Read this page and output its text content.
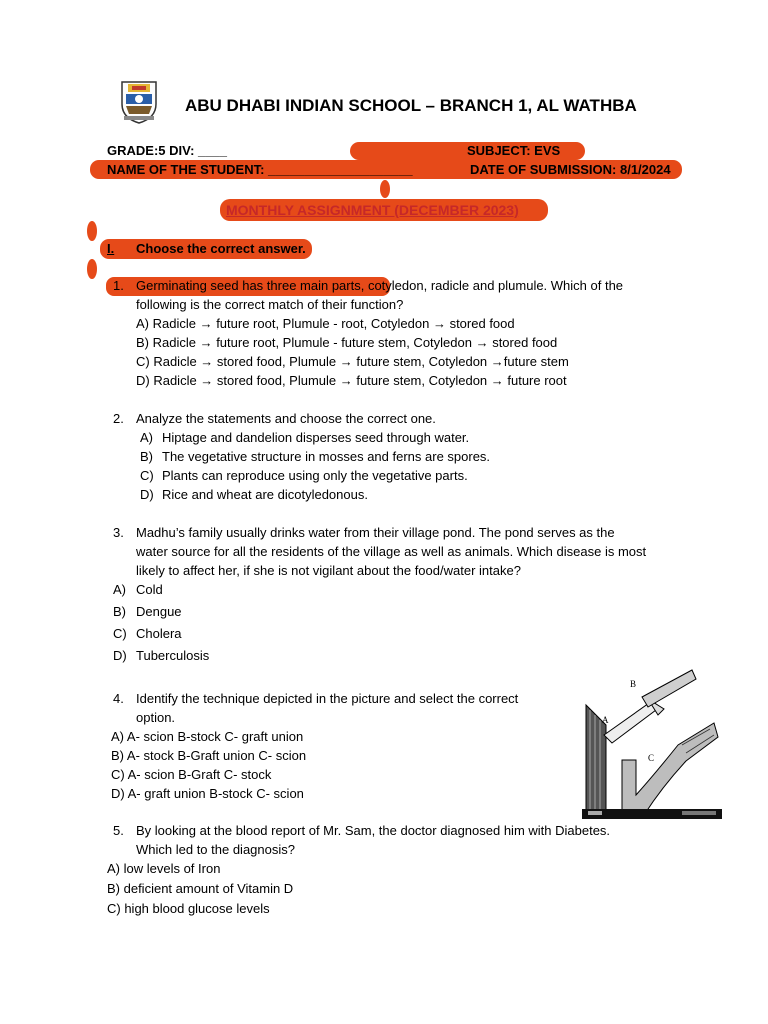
ABU DHABI INDIAN SCHOOL – BRANCH 1, AL WATHBA
GRADE:5 DIV: ____	SUBJECT: EVS
NAME OF THE STUDENT: ____________________	DATE OF SUBMISSION: 8/1/2024
MONTHLY ASSIGNMENT (DECEMBER 2023)
I. Choose the correct answer.
1. Germinating seed has three main parts, cotyledon, radicle and plumule. Which of the
following is the correct match of their function?
A) Radicle → future root, Plumule - root, Cotyledon → stored food
B) Radicle → future root, Plumule - future stem, Cotyledon → stored food
C) Radicle → stored food, Plumule → future stem, Cotyledon →future stem
D) Radicle → stored food, Plumule → future stem, Cotyledon → future root
2. Analyze the statements and choose the correct one.
A) Hiptage and dandelion disperses seed through water.
B) The vegetative structure in mosses and ferns are spores.
C) Plants can reproduce using only the vegetative parts.
D) Rice and wheat are dicotyledonous.
3. Madhu’s family usually drinks water from their village pond. The pond serves as the
water source for all the residents of the village as well as animals. Which disease is most
likely to affect her, if she is not vigilant about the food/water intake?
A) Cold
B) Dengue
C) Cholera
D) Tuberculosis
4. Identify the technique depicted in the picture and select the correct
option.
A) A- scion B-stock C- graft union
B) A- stock B-Graft union C- scion
C) A- scion B-Graft C- stock
D) A- graft union B-stock C- scion
A
B
C
5. By looking at the blood report of Mr. Sam, the doctor diagnosed him with Diabetes.
Which led to the diagnosis?
A) low levels of Iron
B) deficient amount of Vitamin D
C) high blood glucose levels
